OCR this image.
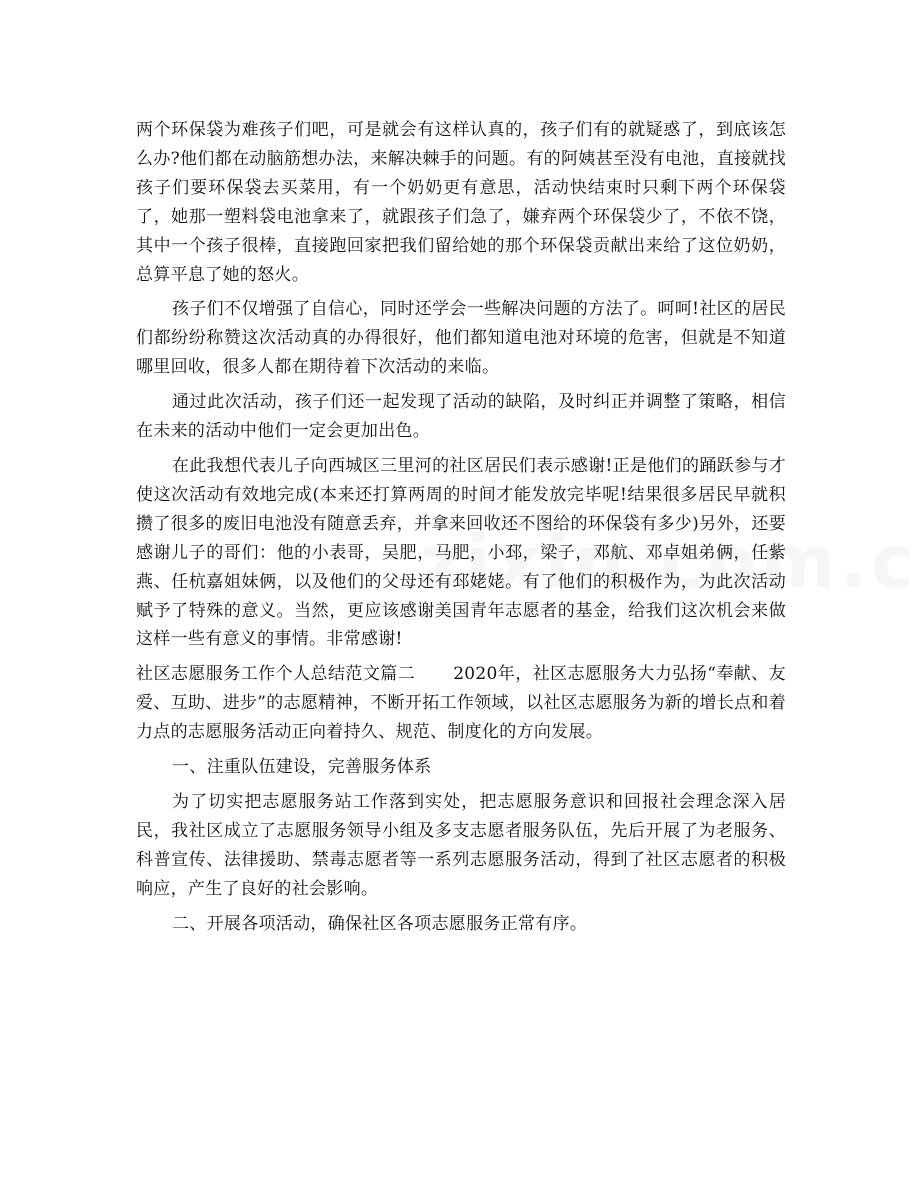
两个环保袋为难孩子们吧，可是就会有这样认真的，孩子们有的就疑惑了，到底该怎么办?他们都在动脑筋想办法，来解决棘手的问题。有的阿姨甚至没有电池，直接就找孩子们要环保袋去买菜用，有一个奶奶更有意思，活动快结束时只剩下两个环保袋了，她那一塑料袋电池拿来了，就跟孩子们急了，嫌弃两个环保袋少了，不依不饶，其中一个孩子很棒，直接跑回家把我们留给她的那个环保袋贡献出来给了这位奶奶，总算平息了她的怒火。

孩子们不仅增强了自信心，同时还学会一些解决问题的方法了。呵呵!社区的居民们都纷纷称赞这次活动真的办得很好，他们都知道电池对环境的危害，但就是不知道哪里回收，很多人都在期待着下次活动的来临。

通过此次活动，孩子们还一起发现了活动的缺陷，及时纠正并调整了策略，相信在未来的活动中他们一定会更加出色。

在此我想代表儿子向西城区三里河的社区居民们表示感谢!正是他们的踊跃参与才使这次活动有效地完成(本来还打算两周的时间才能发放完毕呢!结果很多居民早就积攒了很多的废旧电池没有随意丢弃，并拿来回收还不图给的环保袋有多少)另外，还要感谢儿子的哥们：他的小表哥，吴肥，马肥，小邳，梁子，邓航、邓卓姐弟俩，任紫燕、任杭嘉姐妹俩，以及他们的父母还有邳姥姥。有了他们的积极作为，为此次活动赋予了特殊的意义。当然，更应该感谢美国青年志愿者的基金，给我们这次机会来做这样一些有意义的事情。非常感谢!

社区志愿服务工作个人总结范文篇二 2020年，社区志愿服务大力弘扬“奉献、友爱、互助、进步”的志愿精神，不断开拓工作领域，以社区志愿服务为新的增长点和着力点的志愿服务活动正向着持久、规范、制度化的方向发展。

一、注重队伍建设，完善服务体系

为了切实把志愿服务站工作落到实处，把志愿服务意识和回报社会理念深入居民，我社区成立了志愿服务领导小组及多支志愿者服务队伍，先后开展了为老服务、科普宣传、法律援助、禁毒志愿者等一系列志愿服务活动，得到了社区志愿者的积极响应，产生了良好的社会影响。

二、开展各项活动，确保社区各项志愿服务正常有序。
